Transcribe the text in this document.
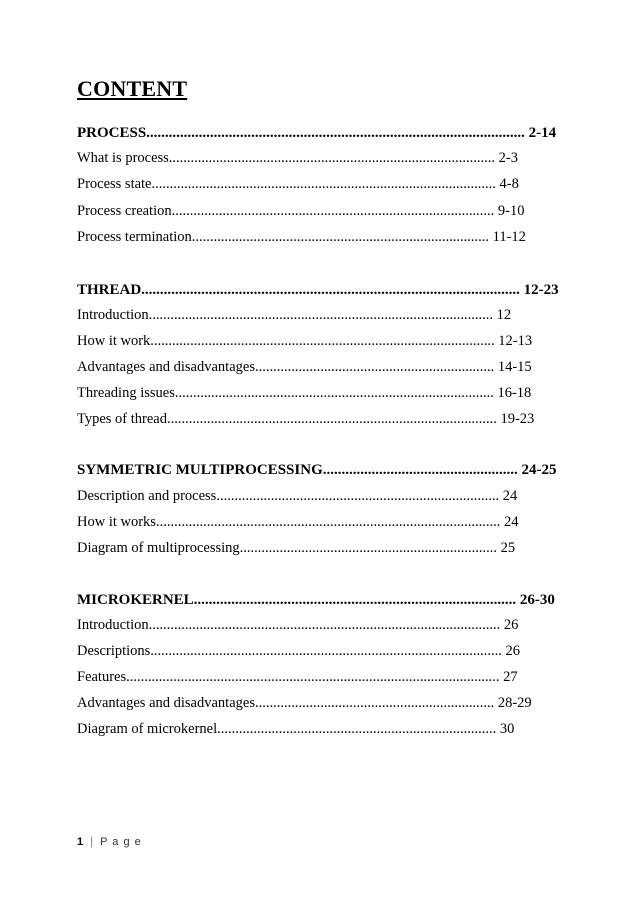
CONTENT
PROCESS..................................................................................................... 2-14
What is process.......................................................................................... 2-3
Process state............................................................................................... 4-8
Process creation......................................................................................... 9-10
Process termination.................................................................................. 11-12
THREAD..................................................................................................... 12-23
Introduction............................................................................................... 12
How it work............................................................................................... 12-13
Advantages and disadvantages.................................................................. 14-15
Threading issues........................................................................................ 16-18
Types of thread........................................................................................... 19-23
SYMMETRIC MULTIPROCESSING.................................................... 24-25
Description and process.............................................................................. 24
How it works............................................................................................... 24
Diagram of multiprocessing....................................................................... 25
MICROKERNEL...................................................................................... 26-30
Introduction................................................................................................. 26
Descriptions................................................................................................. 26
Features....................................................................................................... 27
Advantages and disadvantages.................................................................. 28-29
Diagram of microkernel............................................................................. 30
1 | P a g e
